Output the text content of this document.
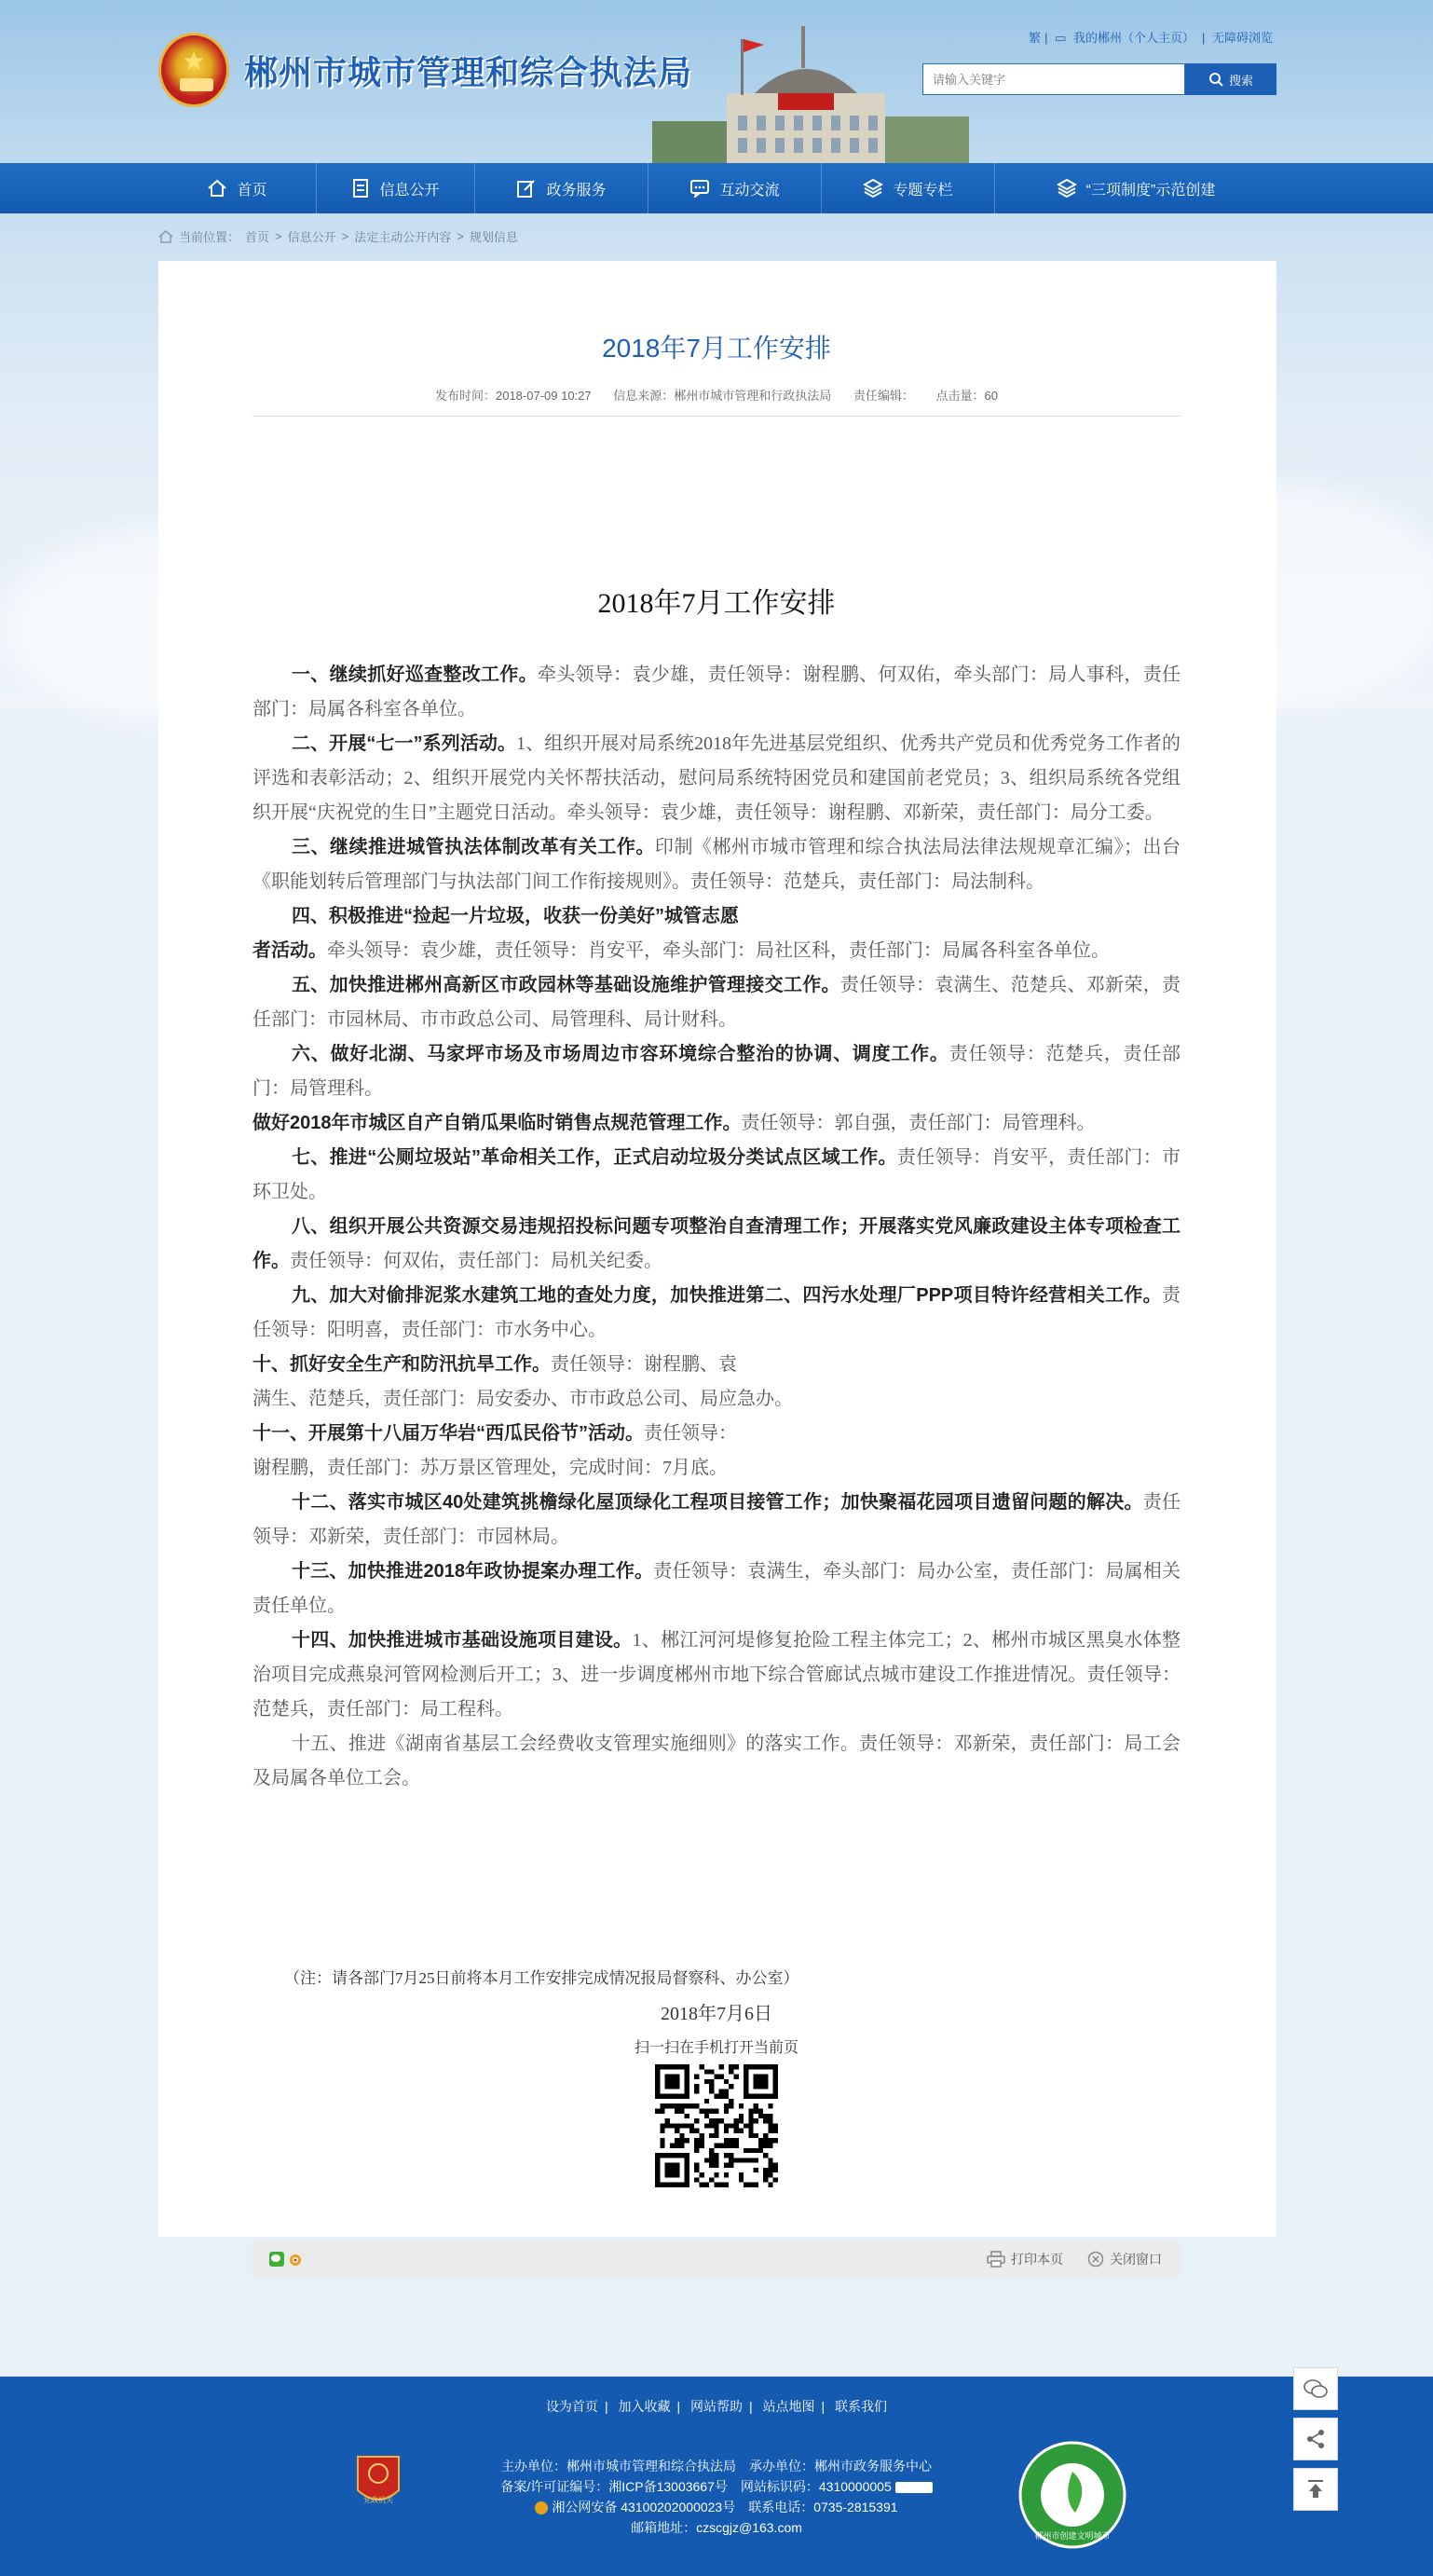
★	郴州市城市管理和综合执法局
繁 | ▭ 我的郴州（个人主页） | 无障碍浏览
请输入关键字
搜索
首页	信息公开	政务服务	互动交流	专题专栏	“三项制度”示范创建
当前位置： 首页 > 信息公开 > 法定主动公开内容 > 规划信息
2018年7月工作安排
发布时间：2018-07-09 10:27 信息来源：郴州市城市管理和行政执法局 责任编辑： 点击量：60
2018年7月工作安排

一、继续抓好巡查整改工作。牵头领导：袁少雄，责任领导：谢程鹏、何双佑，牵头部门：局人事科，责任部门：局属各科室各单位。

二、开展“七一”系列活动。1、组织开展对局系统2018年先进基层党组织、优秀共产党员和优秀党务工作者的评选和表彰活动；2、组织开展党内关怀帮扶活动，慰问局系统特困党员和建国前老党员；3、组织局系统各党组织开展“庆祝党的生日”主题党日活动。牵头领导：袁少雄，责任领导：谢程鹏、邓新荣，责任部门：局分工委。

三、继续推进城管执法体制改革有关工作。印制《郴州市城市管理和综合执法局法律法规规章汇编》；出台《职能划转后管理部门与执法部门间工作衔接规则》。责任领导：范楚兵，责任部门：局法制科。

四、积极推进“捡起一片垃圾，收获一份美好”城管志愿

者活动。牵头领导：袁少雄，责任领导：肖安平，牵头部门：局社区科，责任部门：局属各科室各单位。

五、加快推进郴州高新区市政园林等基础设施维护管理接交工作。责任领导：袁满生、范楚兵、邓新荣，责任部门：市园林局、市市政总公司、局管理科、局计财科。

六、做好北湖、马家坪市场及市场周边市容环境综合整治的协调、调度工作。责任领导：范楚兵，责任部门：局管理科。

做好2018年市城区自产自销瓜果临时销售点规范管理工作。责任领导：郭自强，责任部门：局管理科。

七、推进“公厕垃圾站”革命相关工作，正式启动垃圾分类试点区域工作。责任领导：肖安平，责任部门：市环卫处。

八、组织开展公共资源交易违规招投标问题专项整治自查清理工作；开展落实党风廉政建设主体专项检查工作。责任领导：何双佑，责任部门：局机关纪委。

九、加大对偷排泥浆水建筑工地的查处力度，加快推进第二、四污水处理厂PPP项目特许经营相关工作。责任领导：阳明喜，责任部门：市水务中心。

十、抓好安全生产和防汛抗旱工作。责任领导：谢程鹏、袁

满生、范楚兵，责任部门：局安委办、市市政总公司、局应急办。

十一、开展第十八届万华岩“西瓜民俗节”活动。责任领导：

谢程鹏，责任部门：苏万景区管理处，完成时间：7月底。

十二、落实市城区40处建筑挑檐绿化屋顶绿化工程项目接管工作；加快聚福花园项目遗留问题的解决。责任领导：邓新荣，责任部门：市园林局。

十三、加快推进2018年政协提案办理工作。责任领导：袁满生，牵头部门：局办公室，责任部门：局属相关责任单位。

十四、加快推进城市基础设施项目建设。1、郴江河河堤修复抢险工程主体完工；2、郴州市城区黑臭水体整治项目完成燕泉河管网检测后开工；3、进一步调度郴州市地下综合管廊试点城市建设工作推进情况。责任领导：范楚兵，责任部门：局工程科。

十五、推进《湖南省基层工会经费收支管理实施细则》的落实工作。责任领导：邓新荣，责任部门：局工会及局属各单位工会。

（注：请各部门7月25日前将本月工作安排完成情况报局督察科、办公室）
2018年7月6日
扫一扫在手机打开当前页
打印本页	关闭窗口
设为首页 | 加入收藏 | 网站帮助 | 站点地图 | 联系我们
党政机关
主办单位：郴州市城市管理和综合执法局　承办单位：郴州市政务服务中心
备案/许可证编号：湘ICP备13003667号　网站标识码：4310000005
湘公网安备 43100202000023号　联系电话：0735-2815391
邮箱地址：czscgjz@163.com
郴州市创建文明城市
